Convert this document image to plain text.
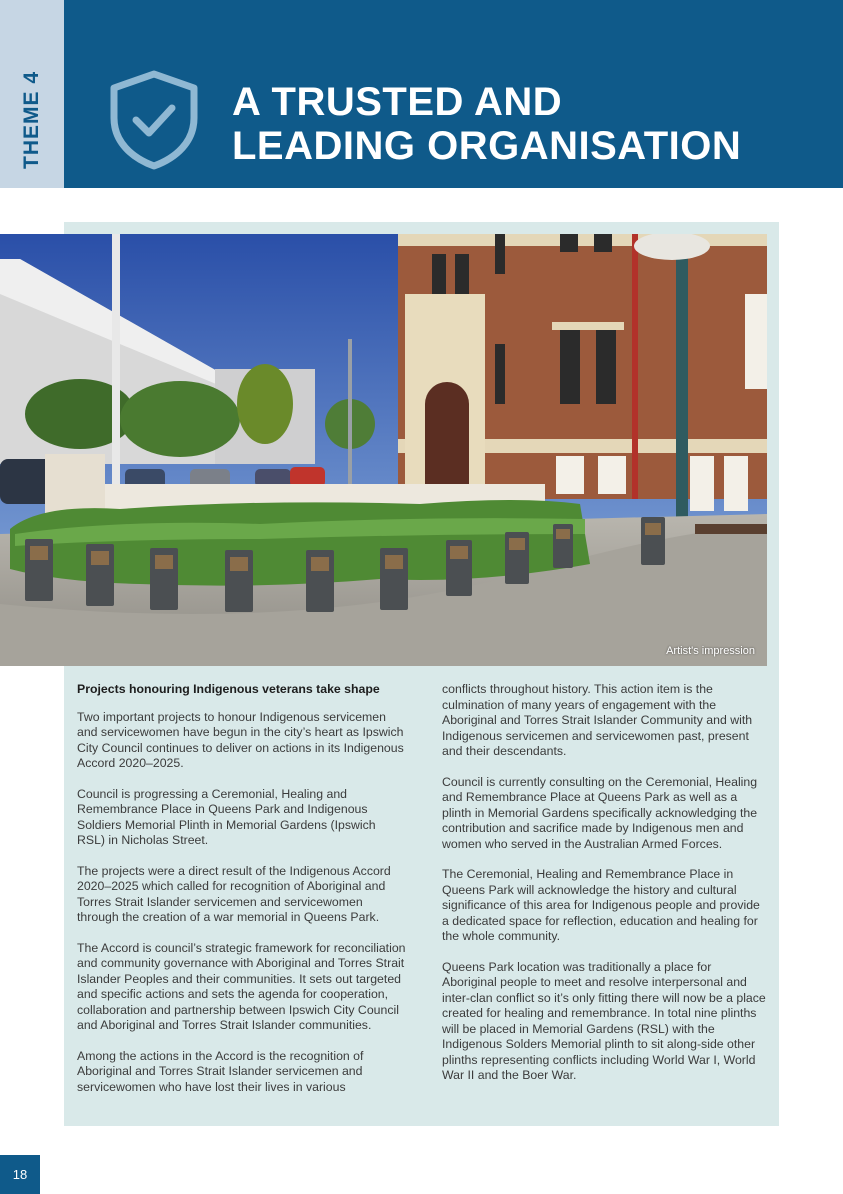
THEME 4	A TRUSTED AND
LEADING ORGANISATION
Artist's impression
Projects honouring Indigenous veterans take shape

Two important projects to honour Indigenous servicemen and servicewomen have begun in the city’s heart as Ipswich City Council continues to deliver on actions in its Indigenous Accord 2020–2025.

Council is progressing a Ceremonial, Healing and Remembrance Place in Queens Park and Indigenous Soldiers Memorial Plinth in Memorial Gardens (Ipswich RSL) in Nicholas Street.

The projects were a direct result of the Indigenous Accord 2020–2025 which called for recognition of Aboriginal and Torres Strait Islander servicemen and servicewomen through the creation of a war memorial in Queens Park.

The Accord is council’s strategic framework for reconciliation and community governance with Aboriginal and Torres Strait Islander Peoples and their communities. It sets out targeted and specific actions and sets the agenda for cooperation, collaboration and partnership between Ipswich City Council and Aboriginal and Torres Strait Islander communities.

Among the actions in the Accord is the recognition of Aboriginal and Torres Strait Islander servicemen and servicewomen who have lost their lives in various

conflicts throughout history. This action item is the culmination of many years of engagement with the Aboriginal and Torres Strait Islander Community and with Indigenous servicemen and servicewomen past, present and their descendants.

Council is currently consulting on the Ceremonial, Healing and Remembrance Place at Queens Park as well as a plinth in Memorial Gardens specifically acknowledging the contribution and sacrifice made by Indigenous men and women who served in the Australian Armed Forces.

The Ceremonial, Healing and Remembrance Place in Queens Park will acknowledge the history and cultural significance of this area for Indigenous people and provide a dedicated space for reflection, education and healing for the whole community.

Queens Park location was traditionally a place for Aboriginal people to meet and resolve interpersonal and inter-clan conflict so it’s only fitting there will now be a place created for healing and remembrance. In total nine plinths will be placed in Memorial Gardens (RSL) with the Indigenous Solders Memorial plinth to sit along-side other plinths representing conflicts including World War I, World War II and the Boer War.

18
